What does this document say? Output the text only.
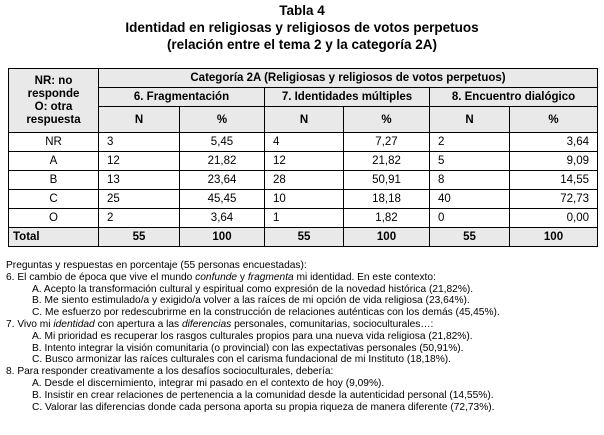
Tabla 4
Identidad en religiosas y religiosos de votos perpetuos
(relación entre el tema 2 y la categoría 2A)
NR: no
responde
O: otra
respuesta	Categoría 2A (Religiosas y religiosos de votos perpetuos)					
	6. Fragmentación		7. Identidades múltiples		8. Encuentro dialógico	
	N	%	N	%	N	%
NR	3	5,45	4	7,27	2	3,64
A	12	21,82	12	21,82	5	9,09
B	13	23,64	28	50,91	8	14,55
C	25	45,45	10	18,18	40	72,73
O	2	3,64	1	1,82	0	0,00
Total	55	100	55	100	55	100
Preguntas y respuestas en porcentaje (55 personas encuestadas):
6. El cambio de época que vive el mundo confunde y fragmenta mi identidad. En este contexto:
A. Acepto la transformación cultural y espiritual como expresión de la novedad histórica (21,82%).
B. Me siento estimulado/a y exigido/a volver a las raíces de mi opción de vida religiosa (23,64%).
C. Me esfuerzo por redescubrirme en la construcción de relaciones auténticas con los demás (45,45%).
7. Vivo mi identidad con apertura a las diferencias personales, comunitarias, socioculturales…:
A. Mi prioridad es recuperar los rasgos culturales propios para una nueva vida religiosa (21,82%).
B. Intento integrar la visión comunitaria (o provincial) con las expectativas personales (50,91%).
C. Busco armonizar las raíces culturales con el carisma fundacional de mi Instituto (18,18%).
8. Para responder creativamente a los desafíos socioculturales, debería:
A. Desde el discernimiento, integrar mi pasado en el contexto de hoy (9,09%).
B. Insistir en crear relaciones de pertenencia a la comunidad desde la autenticidad personal (14,55%).
C. Valorar las diferencias donde cada persona aporta su propia riqueza de manera diferente (72,73%).
